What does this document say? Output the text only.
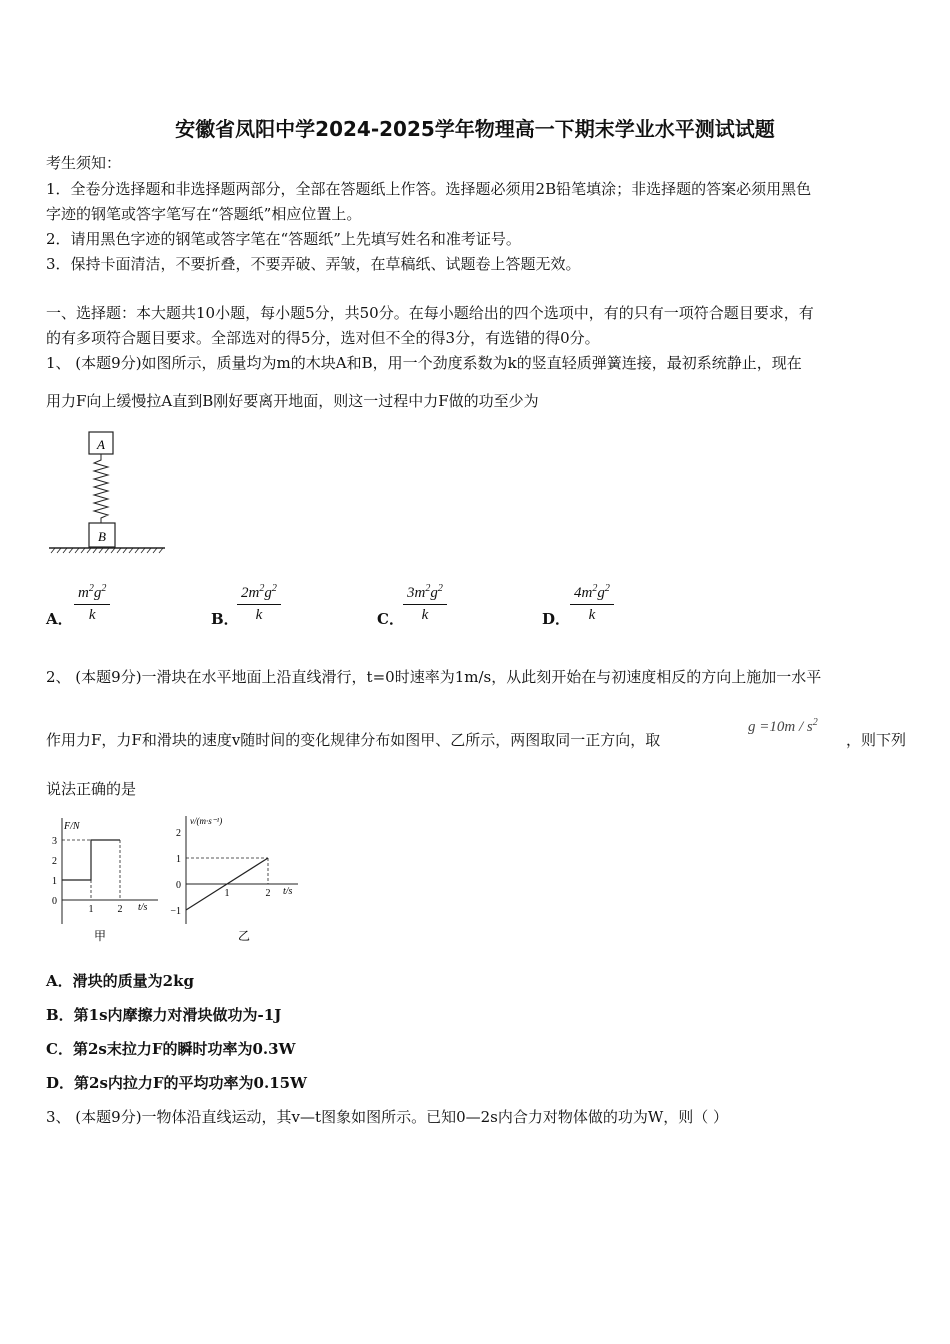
安徽省凤阳中学2024-2025学年物理高一下期末学业水平测试试题
考生须知：
1．全卷分选择题和非选择题两部分，全部在答题纸上作答。选择题必须用2B铅笔填涂；非选择题的答案必须用黑色
字迹的钢笔或答字笔写在“答题纸”相应位置上。
2．请用黑色字迹的钢笔或答字笔在“答题纸”上先填写姓名和准考证号。
3．保持卡面清洁，不要折叠，不要弄破、弄皱，在草稿纸、试题卷上答题无效。
一、选择题：本大题共10小题，每小题5分，共50分。在每小题给出的四个选项中，有的只有一项符合题目要求，有
的有多项符合题目要求。全部选对的得5分，选对但不全的得3分，有选错的得0分。
1、 (本题9分)如图所示，质量均为m的木块A和B，用一个劲度系数为k的竖直轻质弹簧连接，最初系统静止，现在
用力F向上缓慢拉A直到B刚好要离开地面，则这一过程中力F做的功至少为
A
B
A． $\frac{m^2g^2}{k}$	B．
$\frac{2m^2g^2}{k}$	C． $\frac{3m^2g^2}{k}$	D． $\frac{4m^2g^2}{k}$
2、 (本题9分)一滑块在水平地面上沿直线滑行，t=0时速率为1m/s，从此刻开始在与初速度相反的方向上施加一水平
作用力F，力F和滑块的速度v随时间的变化规律分布如图甲、乙所示，两图取同一正方向，取
$g =10m / s^2$
，则下列
说法正确的是
1 2
0
1
2
3
F/N
t/s
甲
1	2
−1
0
1
2
v/(m·s⁻¹)
t/s
乙
A．滑块的质量为2kg
B．第1s内摩擦力对滑块做功为-1J
C．第2s末拉力F的瞬时功率为0.3W
D．第2s内拉力F的平均功率为0.15W
3、 (本题9分)一物体沿直线运动，其v—t图象如图所示。已知0—2s内合力对物体做的功为W，则（ ）
